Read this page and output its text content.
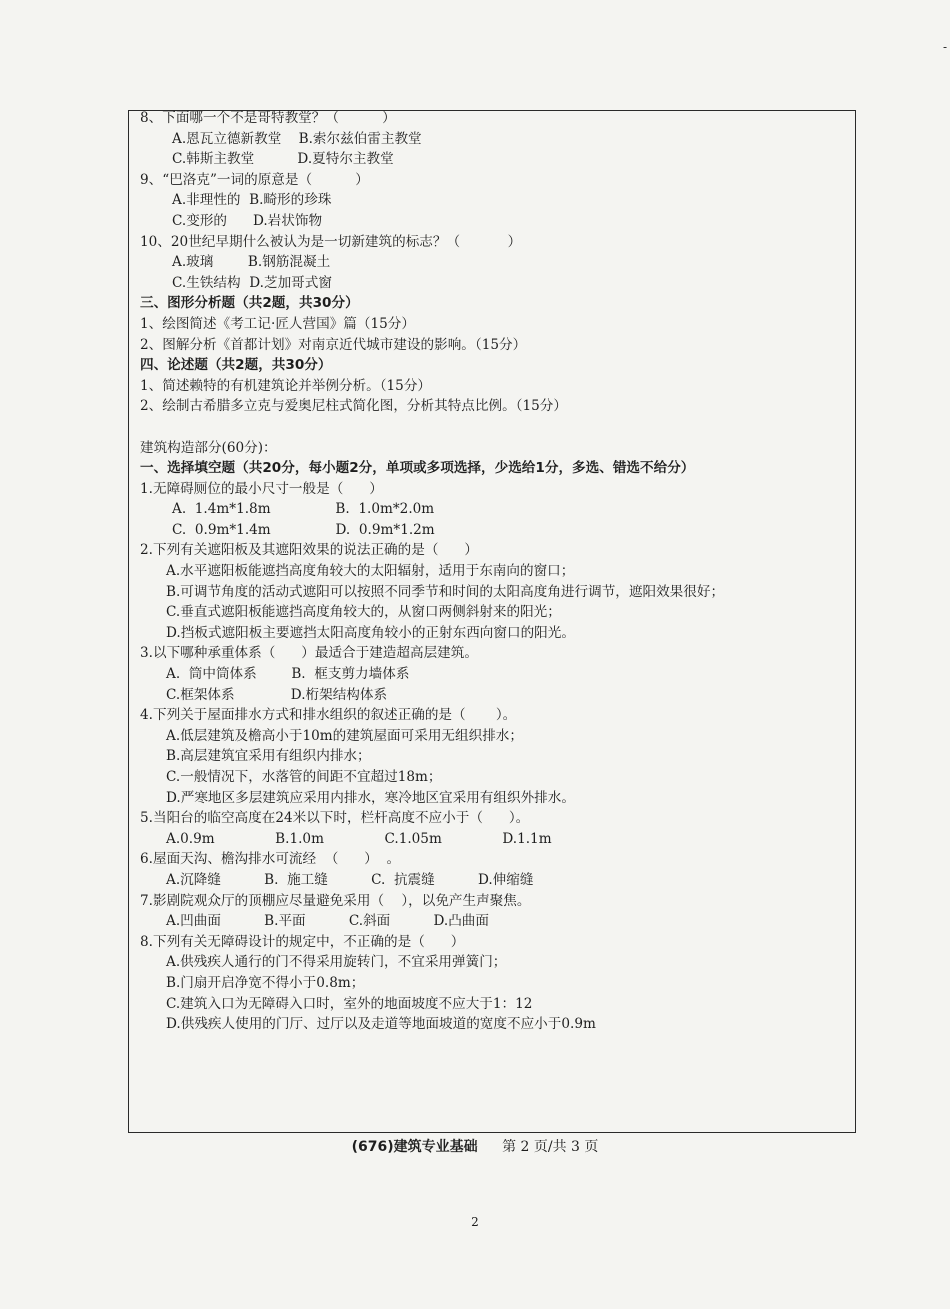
8、下面哪一个不是哥特教堂？（          ）
A.恩瓦立德新教堂    B.索尔兹伯雷主教堂
C.韩斯主教堂          D.夏特尔主教堂
9、“巴洛克”一词的原意是（          ）
A.非理性的  B.畸形的珍珠
C.变形的      D.岩状饰物
10、20世纪早期什么被认为是一切新建筑的标志？（           ）
A.玻璃        B.钢筋混凝土
C.生铁结构  D.芝加哥式窗
三、图形分析题（共2题，共30分）
1、绘图简述《考工记·匠人营国》篇（15分）
2、图解分析《首都计划》对南京近代城市建设的影响。（15分）
四、论述题（共2题，共30分）
1、简述赖特的有机建筑论并举例分析。（15分）
2、绘制古希腊多立克与爱奥尼柱式简化图，分析其特点比例。（15分）
建筑构造部分(60分)：
一、选择填空题（共20分，每小题2分，单项或多项选择，少选给1分，多选、错选不给分）
1.无障碍厕位的最小尺寸一般是（      ）
A.  1.4m*1.8m               B.  1.0m*2.0m
C.  0.9m*1.4m               D.  0.9m*1.2m
2.下列有关遮阳板及其遮阳效果的说法正确的是（      ）
A.水平遮阳板能遮挡高度角较大的太阳辐射，适用于东南向的窗口；
B.可调节角度的活动式遮阳可以按照不同季节和时间的太阳高度角进行调节，遮阳效果很好；
C.垂直式遮阳板能遮挡高度角较大的，从窗口两侧斜射来的阳光；
D.挡板式遮阳板主要遮挡太阳高度角较小的正射东西向窗口的阳光。
3.以下哪种承重体系（      ）最适合于建造超高层建筑。
A.  筒中筒体系        B.  框支剪力墙体系
C.框架体系             D.桁架结构体系
4.下列关于屋面排水方式和排水组织的叙述正确的是（       ）。
A.低层建筑及檐高小于10m的建筑屋面可采用无组织排水；
B.高层建筑宜采用有组织内排水；
C.一般情况下，水落管的间距不宜超过18m；
D.严寒地区多层建筑应采用内排水，寒冷地区宜采用有组织外排水。
5.当阳台的临空高度在24米以下时，栏杆高度不应小于（      ）。
A.0.9m              B.1.0m              C.1.05m              D.1.1m
6.屋面天沟、檐沟排水可流经  （      ）  。
A.沉降缝          B.  施工缝          C.  抗震缝          D.伸缩缝
7.影剧院观众厅的顶棚应尽量避免采用（    ），以免产生声聚焦。
A.凹曲面          B.平面          C.斜面          D.凸曲面
8.下列有关无障碍设计的规定中，不正确的是（      ）
A.供残疾人通行的门不得采用旋转门，不宜采用弹簧门；
B.门扇开启净宽不得小于0.8m；
C.建筑入口为无障碍入口时，室外的地面坡度不应大于1：12
D.供残疾人使用的门厅、过厅以及走道等地面坡道的宽度不应小于0.9m
(676)建筑专业基础 第 2 页/共 3 页
2
-
